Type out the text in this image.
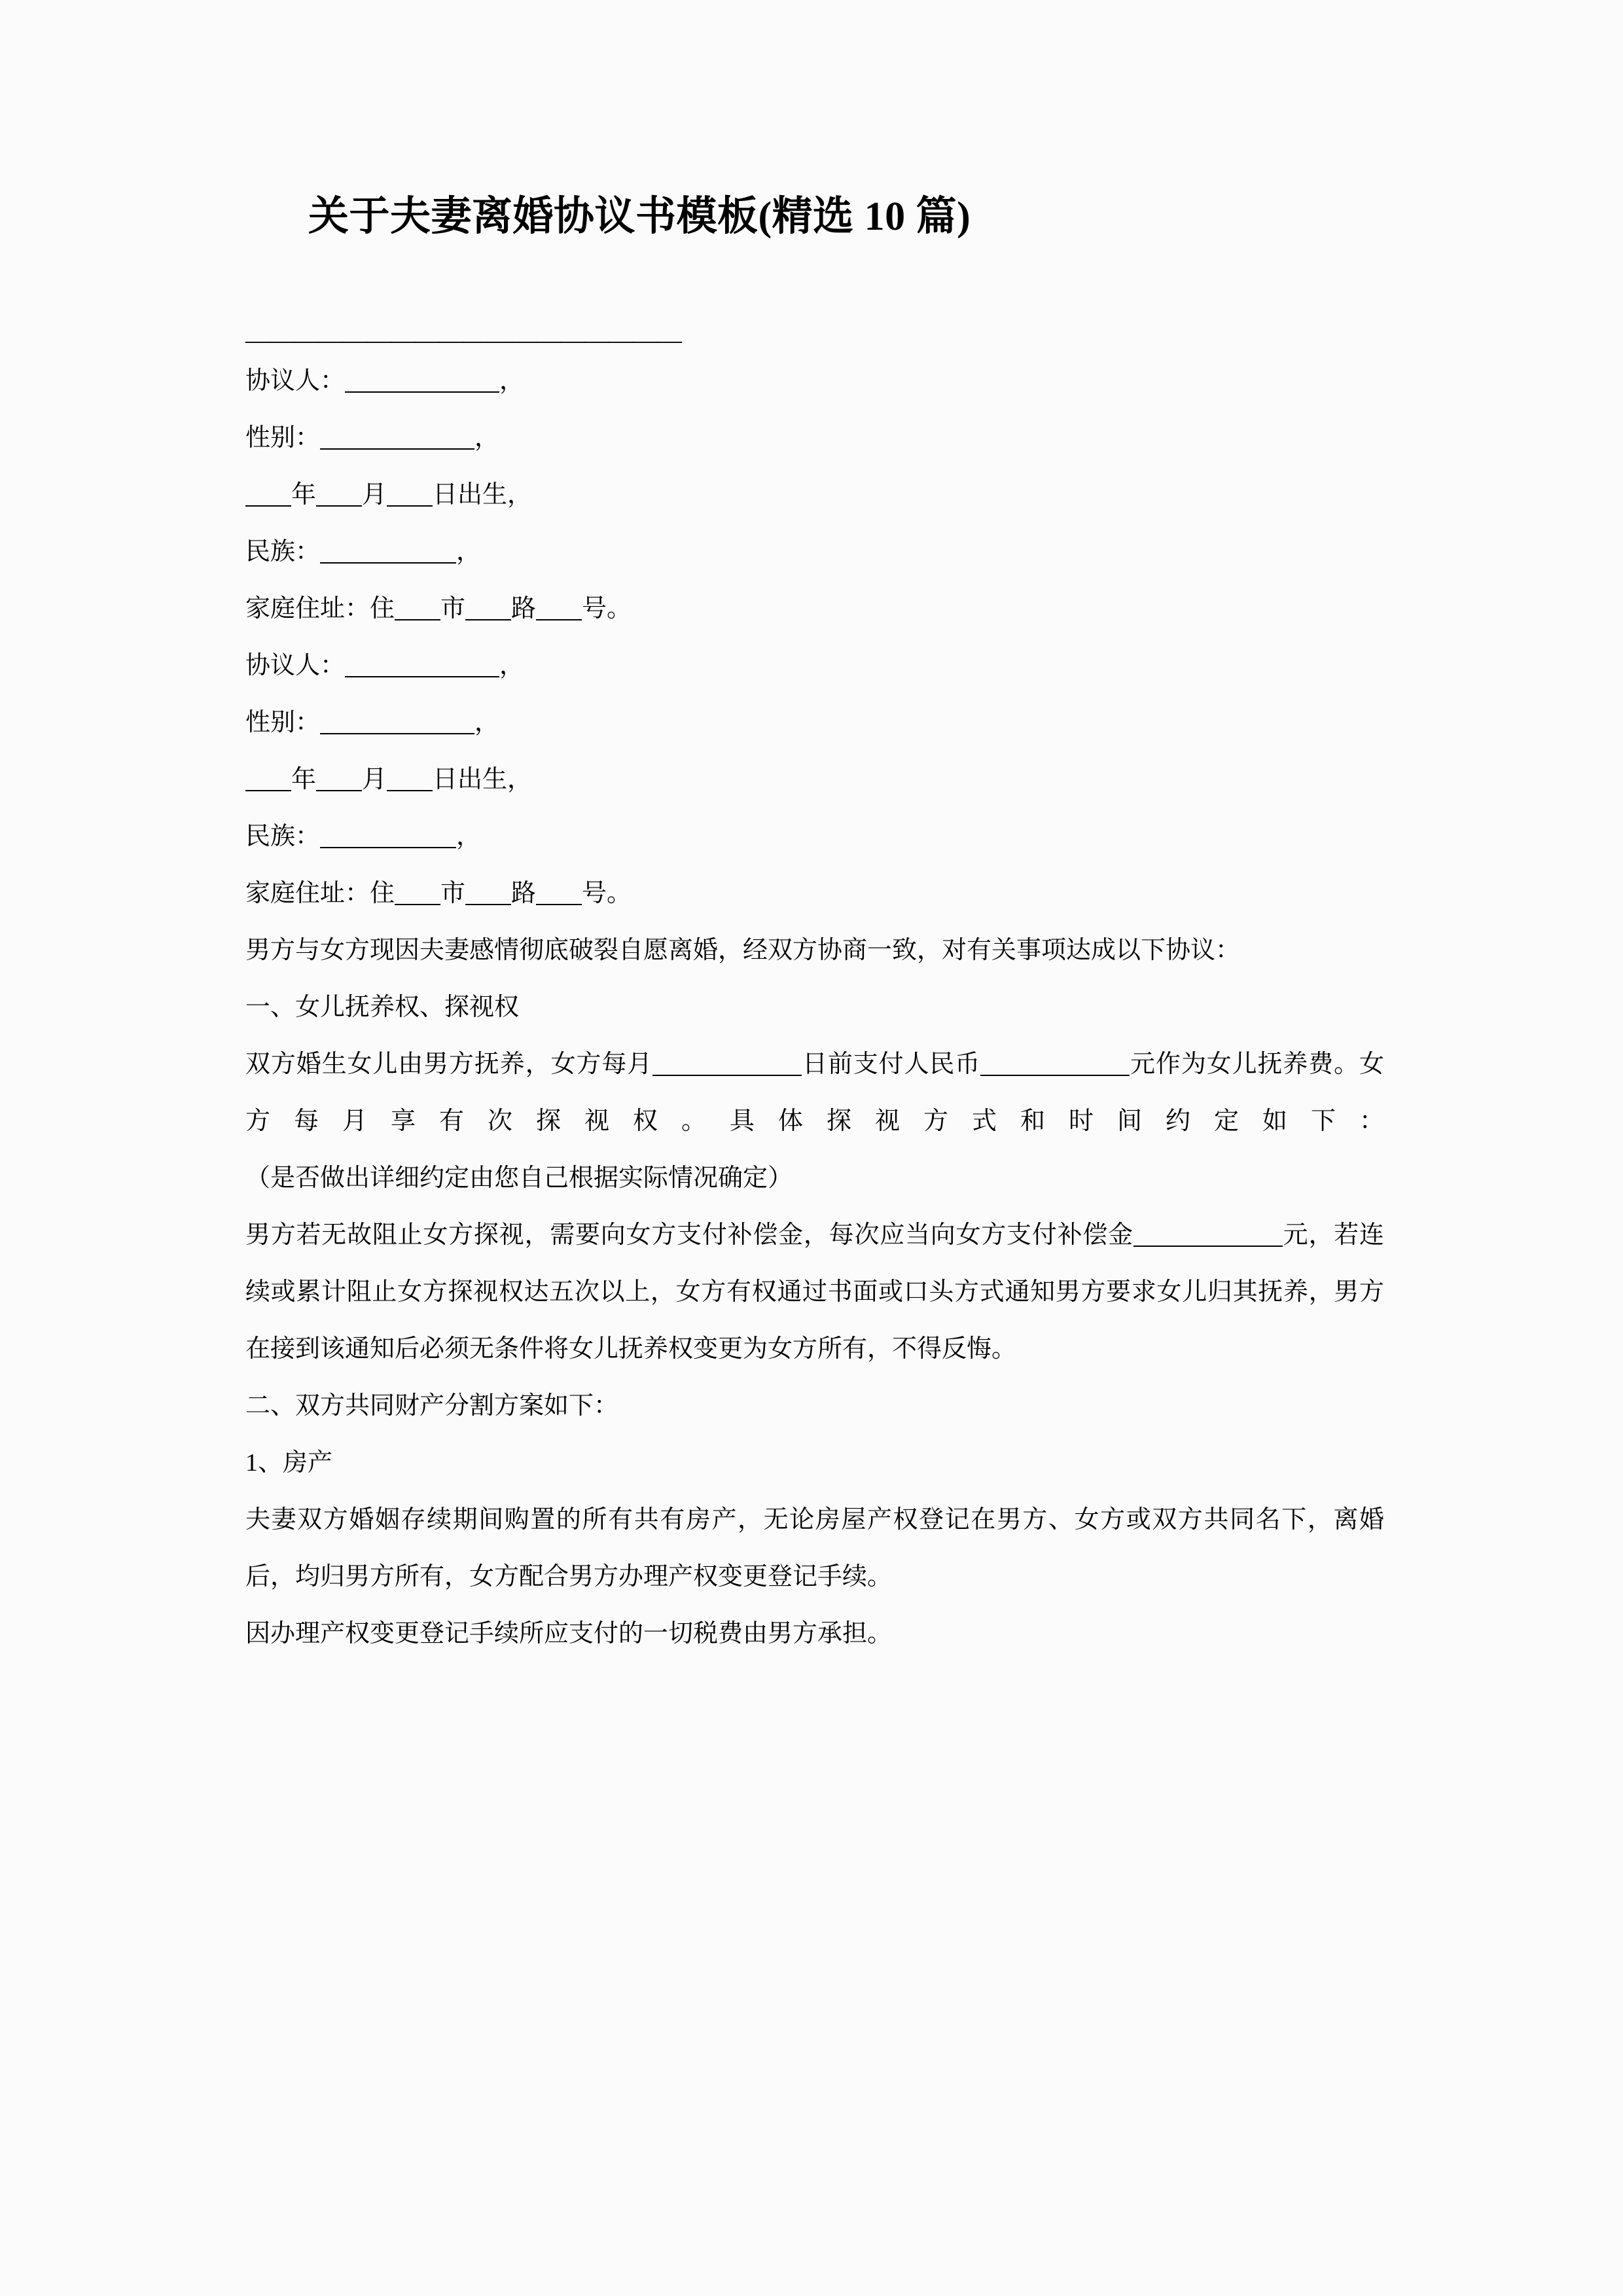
关于夫妻离婚协议书模板(精选 10 篇)
——————————————————
协议人：	，
性别：	，
年 月 日出生，
民族：	，
家庭住址：住 市 路 号。
协议人：	，
性别：	，
年 月 日出生，
民族：	，
家庭住址：住 市 路 号。

男方与女方现因夫妻感情彻底破裂自愿离婚，经双方协商一致，对有关事项达成以下协议：

一、女儿抚养权、探视权

双方婚生女儿由男方抚养，女方每月	日前支付人民币	元作为女儿抚养费。女方每月享有次探视权。具体探视方式和时间约定如下：

（是否做出详细约定由您自己根据实际情况确定）

男方若无故阻止女方探视，需要向女方支付补偿金，每次应当向女方支付补偿金	元，若连续或累计阻止女方探视权达五次以上，女方有权通过书面或口头方式通知男方要求女儿归其抚养，男方在接到该通知后必须无条件将女儿抚养权变更为女方所有，不得反悔。

二、双方共同财产分割方案如下：

1、房产

夫妻双方婚姻存续期间购置的所有共有房产，无论房屋产权登记在男方、女方或双方共同名下，离婚后，均归男方所有，女方配合男方办理产权变更登记手续。

因办理产权变更登记手续所应支付的一切税费由男方承担。
